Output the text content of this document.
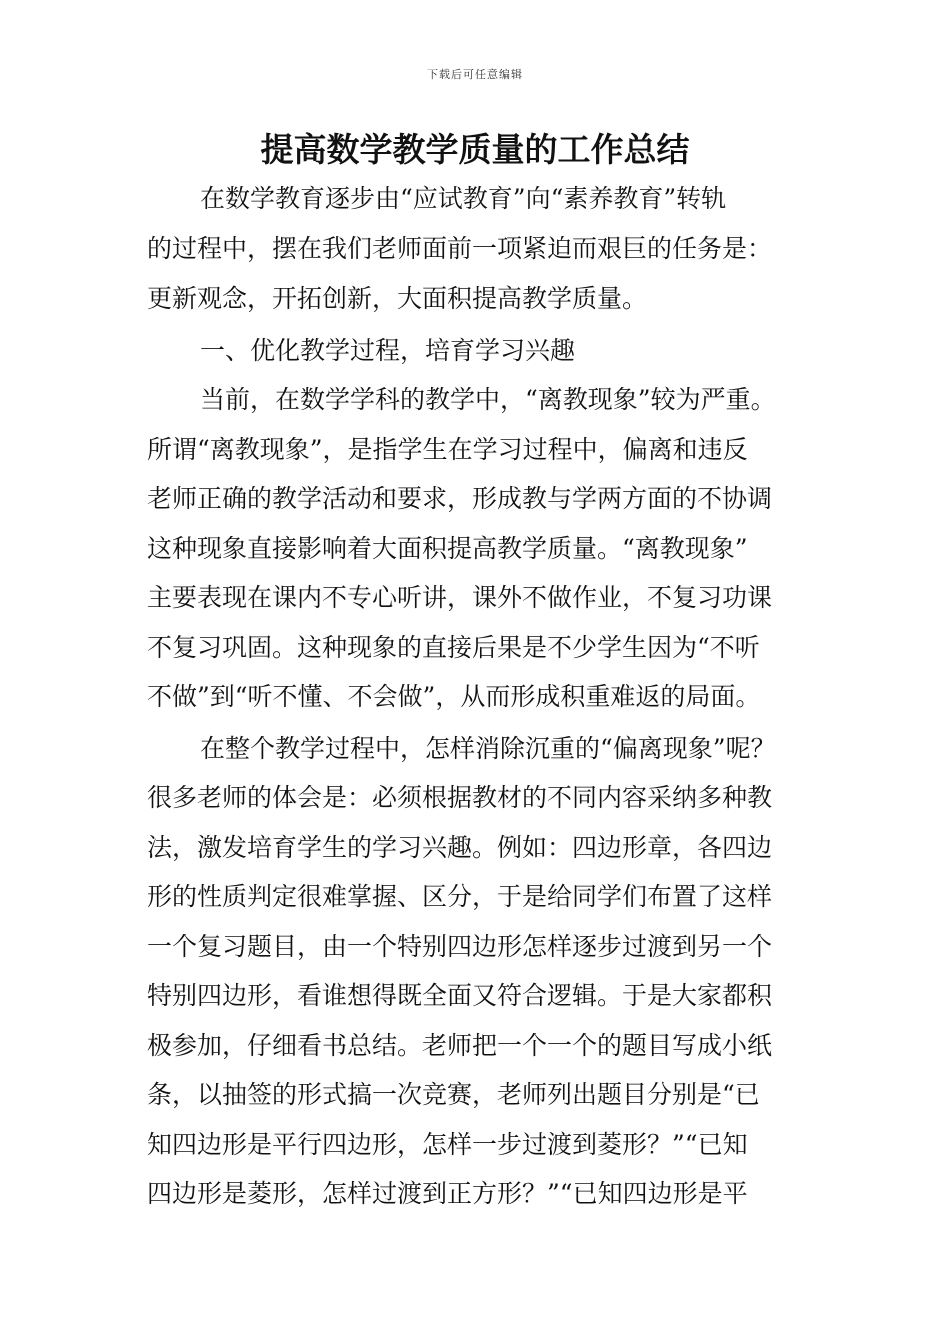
下载后可任意编辑
提高数学教学质量的工作总结

在数学教育逐步由“应试教育”向“素养教育”转轨

的过程中，摆在我们老师面前一项紧迫而艰巨的任务是：

更新观念，开拓创新，大面积提高教学质量。

一、优化教学过程，培育学习兴趣

当前，在数学学科的教学中，“离教现象”较为严重。

所谓“离教现象”，是指学生在学习过程中，偏离和违反

老师正确的教学活动和要求，形成教与学两方面的不协调

这种现象直接影响着大面积提高教学质量。“离教现象”

主要表现在课内不专心听讲，课外不做作业，不复习功课

不复习巩固。这种现象的直接后果是不少学生因为“不听

不做”到“听不懂、不会做”，从而形成积重难返的局面。

在整个教学过程中，怎样消除沉重的“偏离现象”呢？

很多老师的体会是：必须根据教材的不同内容采纳多种教

法，激发培育学生的学习兴趣。例如：四边形章，各四边

形的性质判定很难掌握、区分，于是给同学们布置了这样

一个复习题目，由一个特别四边形怎样逐步过渡到另一个

特别四边形，看谁想得既全面又符合逻辑。于是大家都积

极参加，仔细看书总结。老师把一个一个的题目写成小纸

条，以抽签的形式搞一次竞赛，老师列出题目分别是“已

知四边形是平行四边形，怎样一步过渡到菱形？”“已知

四边形是菱形，怎样过渡到正方形？”“已知四边形是平
